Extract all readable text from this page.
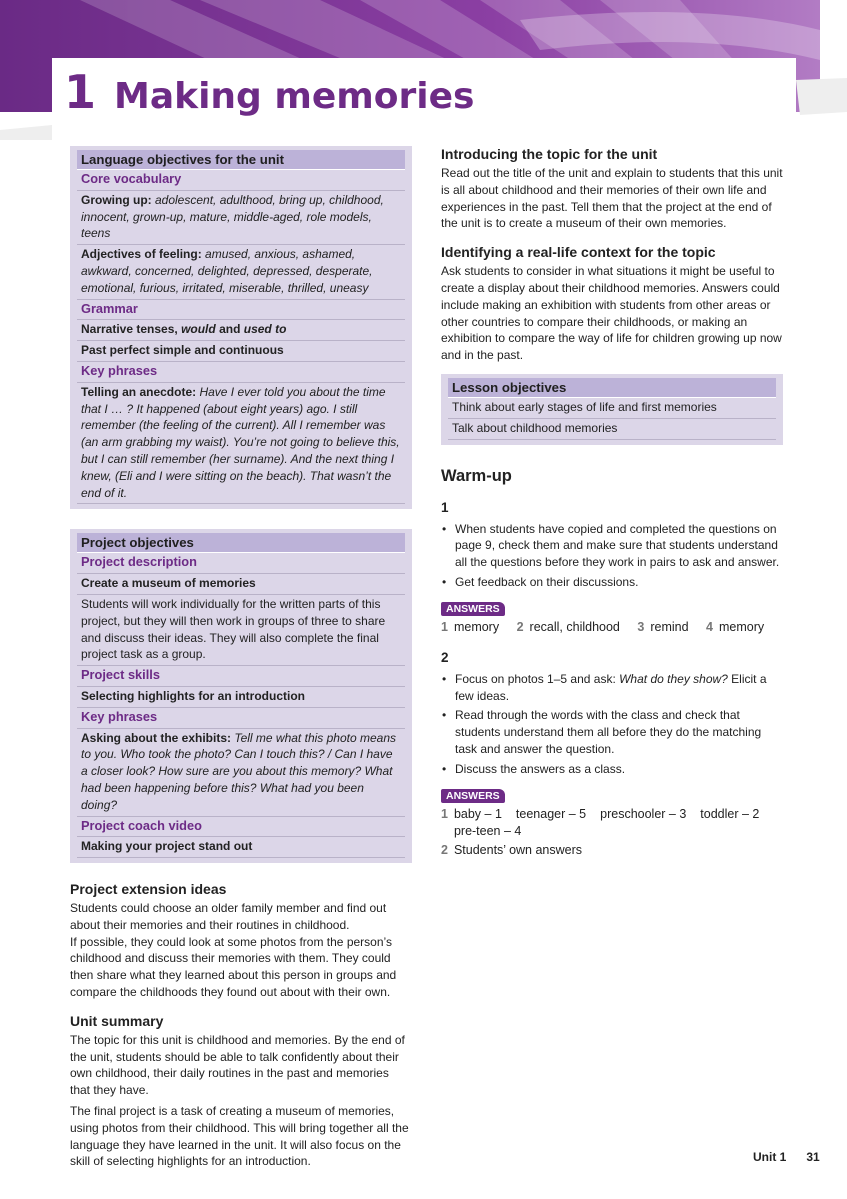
1 Making memories
Language objectives for the unit
Core vocabulary
Growing up: adolescent, adulthood, bring up, childhood, innocent, grown-up, mature, middle-aged, role models, teens
Adjectives of feeling: amused, anxious, ashamed, awkward, concerned, delighted, depressed, desperate, emotional, furious, irritated, miserable, thrilled, uneasy
Grammar
Narrative tenses, would and used to
Past perfect simple and continuous
Key phrases
Telling an anecdote: Have I ever told you about the time that I … ? It happened (about eight years) ago. I still remember (the feeling of the current). All I remember was (an arm grabbing my waist). You’re not going to believe this, but I can still remember (her surname). And the next thing I knew, (Eli and I were sitting on the beach). That wasn’t the end of it.
Project objectives
Project description
Create a museum of memories
Students will work individually for the written parts of this project, but they will then work in groups of three to share and discuss their ideas. They will also complete the final project task as a group.
Project skills
Selecting highlights for an introduction
Key phrases
Asking about the exhibits: Tell me what this photo means to you. Who took the photo? Can I touch this? / Can I have a closer look? How sure are you about this memory? What had been happening before this? What had you been doing?
Project coach video
Making your project stand out
Project extension ideas

Students could choose an older family member and find out about their memories and their routines in childhood.

If possible, they could look at some photos from the person’s childhood and discuss their memories with them. They could then share what they learned about this person in groups and compare the childhoods they found out about with their own.

Unit summary

The topic for this unit is childhood and memories. By the end of the unit, students should be able to talk confidently about their own childhood, their daily routines in the past and memories that they have.

The final project is a task of creating a museum of memories, using photos from their childhood. This will bring together all the language they have learned in the unit. It will also focus on the skill of selecting highlights for an introduction.

Introducing the topic for the unit

Read out the title of the unit and explain to students that this unit is all about childhood and their memories of their own life and experiences in the past. Tell them that the project at the end of the unit is to create a museum of their own memories.

Identifying a real-life context for the topic

Ask students to consider in what situations it might be useful to create a display about their childhood memories. Answers could include making an exhibition with students from other areas or other countries to compare their childhoods, or making an exhibition to compare the way of life for children growing up now and in the past.

Lesson objectives
Think about early stages of life and first memories
Talk about childhood memories
Warm-up
1
• When students have copied and completed the questions on page 9, check them and make sure that students understand all the questions before they work in pairs to ask and answer.
• Get feedback on their discussions.
ANSWERS
1 memory 2 recall, childhood 3 remind 4 memory
2
• Focus on photos 1–5 and ask: What do they show? Elicit a few ideas.
• Read through the words with the class and check that students understand them all before they do the matching task and answer the question.
• Discuss the answers as a class.
ANSWERS
1 baby – 1 teenager – 5 preschooler – 3 toddler – 2
pre-teen – 4
2 Students’ own answers
Unit 1 31
